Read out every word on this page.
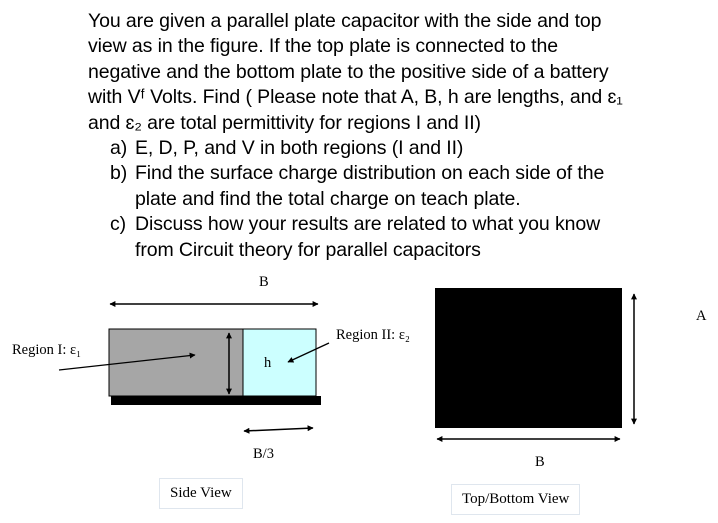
You are given a parallel plate capacitor with the side and top
view as in the figure. If the top plate is connected to the
negative and the bottom plate to the positive side of a battery
with Vᶠ Volts. Find ( Please note that A, B, h are lengths, and ɛ₁
and ɛ₂ are total permittivity for regions I and II)
a) E, D, P, and V in both regions (I and II)
b) Find the surface charge distribution on each side of the
plate and find the total charge on teach plate.
c) Discuss how your results are related to what you know
from Circuit theory for parallel capacitors
B
Region I: ɛ₁
Region II: ɛ₂
h
B/3
Side View
A
B
Top/Bottom View
